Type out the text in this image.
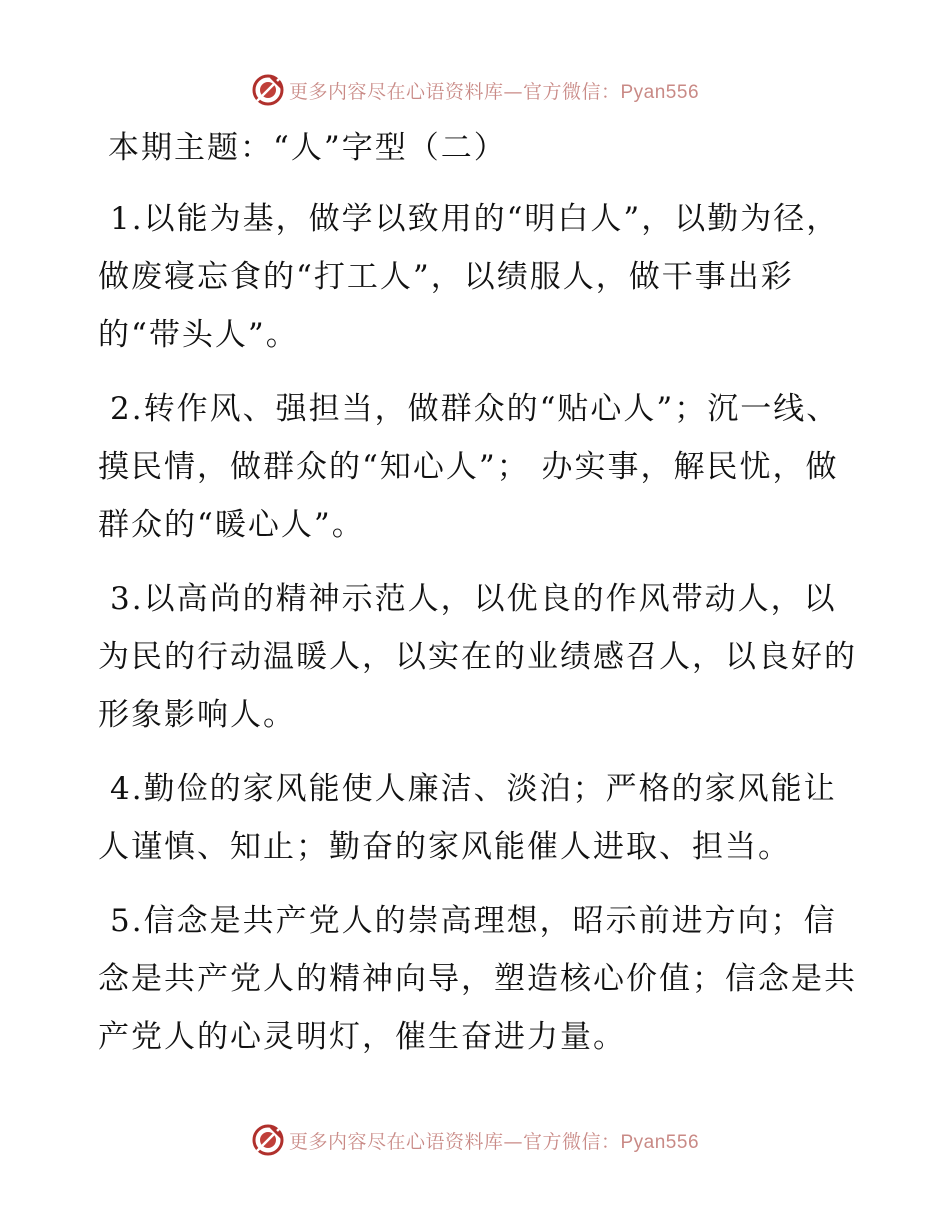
更多内容尽在心语资料库—官方微信：Pyan556
本期主题：“人”字型（二）

1.以能为基，做学以致用的“明白人”，以勤为径，做废寝忘食的“打工人”，以绩服人，做干事出彩的“带头人”。

2.转作风、强担当，做群众的“贴心人”；沉一线、摸民情，做群众的“知心人”； 办实事，解民忧，做群众的“暖心人”。

3.以高尚的精神示范人，以优良的作风带动人，以为民的行动温暖人，以实在的业绩感召人，以良好的形象影响人。

4.勤俭的家风能使人廉洁、淡泊；严格的家风能让人谨慎、知止；勤奋的家风能催人进取、担当。

5.信念是共产党人的崇高理想，昭示前进方向；信念是共产党人的精神向导，塑造核心价值；信念是共产党人的心灵明灯，催生奋进力量。

更多内容尽在心语资料库—官方微信：Pyan556
